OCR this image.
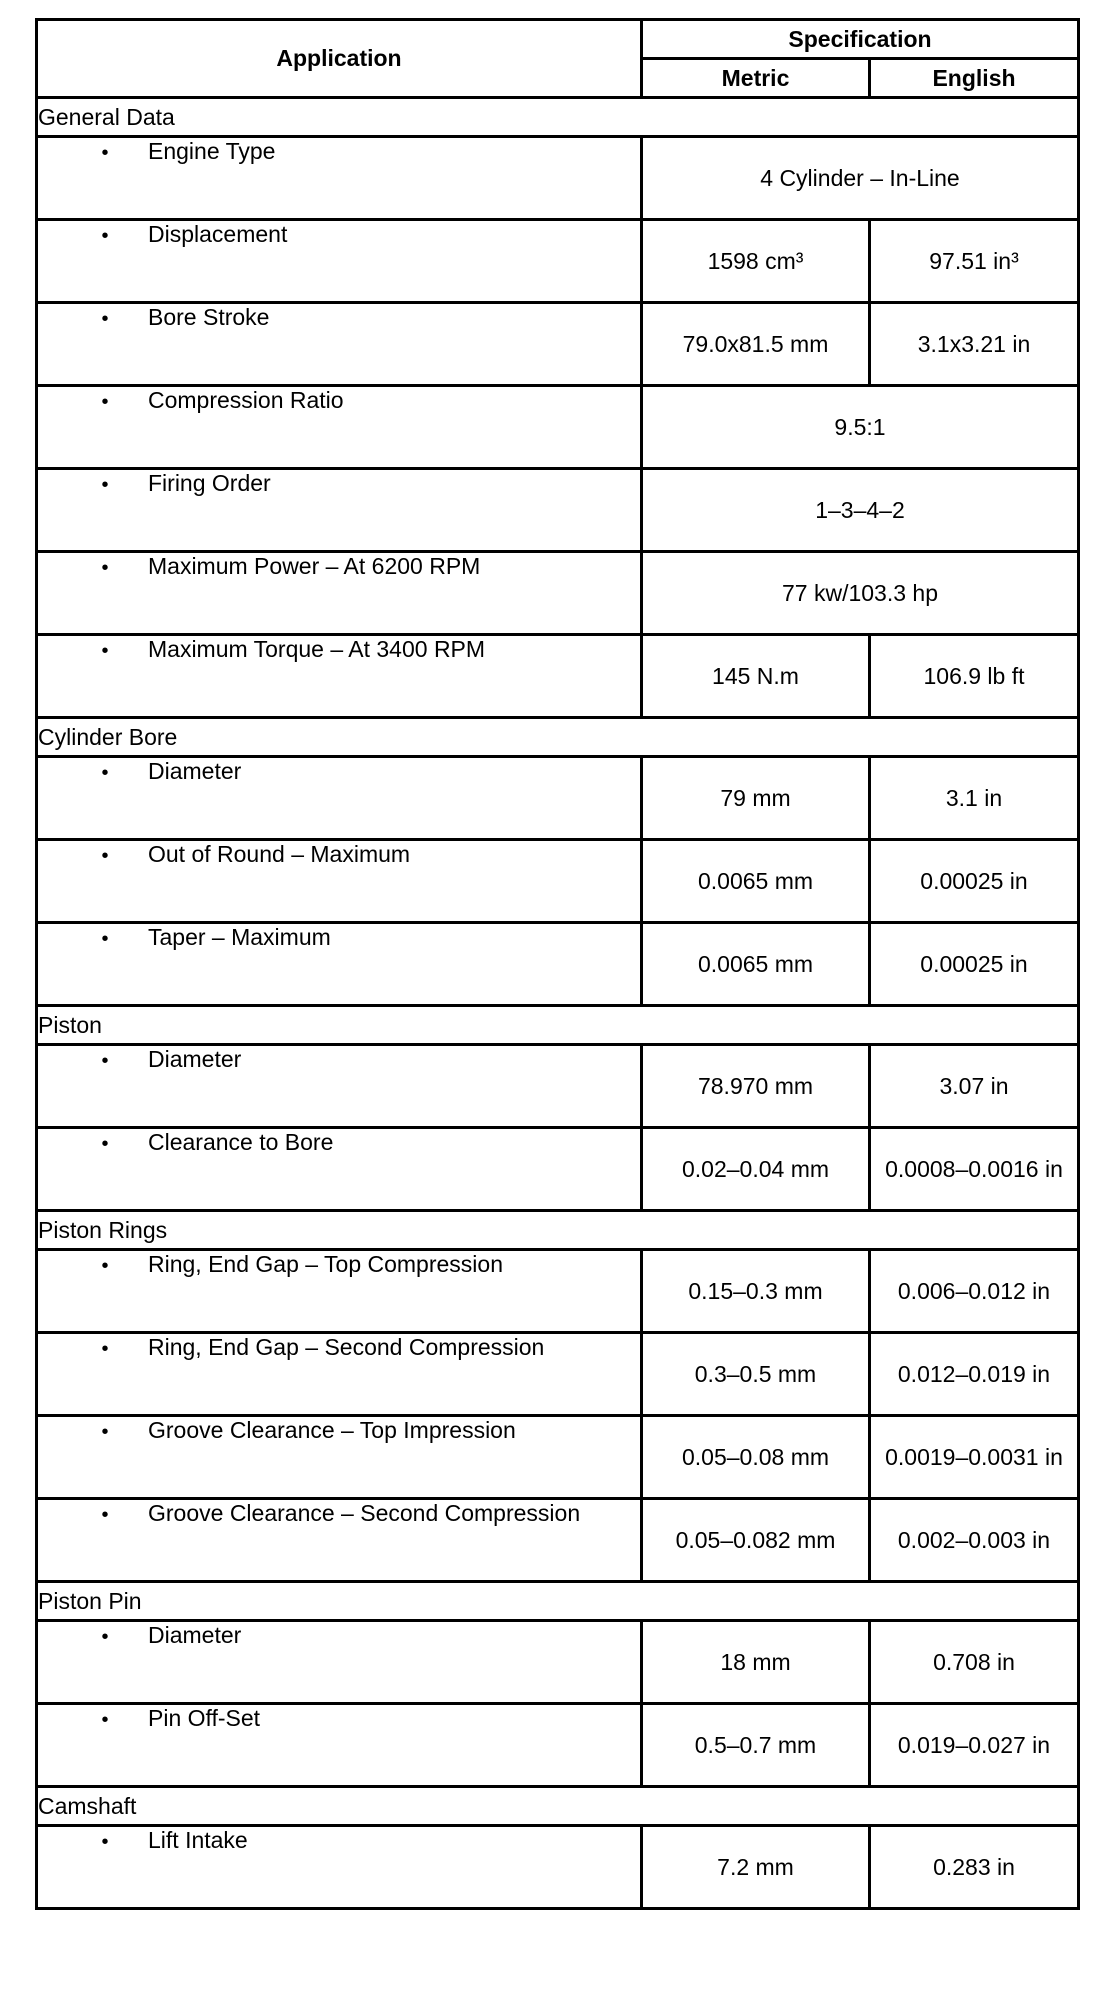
Application	Specification	
	Metric	English
General Data		
• Engine Type	4 Cylinder – In-Line	
• Displacement	1598 cm³	97.51 in³
• Bore Stroke	79.0x81.5 mm	3.1x3.21 in
• Compression Ratio	9.5:1	
• Firing Order	1–3–4–2	
• Maximum Power – At 6200 RPM	77 kw/103.3 hp	
• Maximum Torque – At 3400 RPM	145 N.m	106.9 lb ft
Cylinder Bore		
• Diameter	79 mm	3.1 in
• Out of Round – Maximum	0.0065 mm	0.00025 in
• Taper – Maximum	0.0065 mm	0.00025 in
Piston		
• Diameter	78.970 mm	3.07 in
• Clearance to Bore	0.02–0.04 mm	0.0008–0.0016 in
Piston Rings		
• Ring, End Gap – Top Compression	0.15–0.3 mm	0.006–0.012 in
• Ring, End Gap – Second Compression	0.3–0.5 mm	0.012–0.019 in
• Groove Clearance – Top Impression	0.05–0.08 mm	0.0019–0.0031 in
• Groove Clearance – Second Compression	0.05–0.082 mm	0.002–0.003 in
Piston Pin		
• Diameter	18 mm	0.708 in
• Pin Off-Set	0.5–0.7 mm	0.019–0.027 in
Camshaft		
• Lift Intake	7.2 mm	0.283 in
